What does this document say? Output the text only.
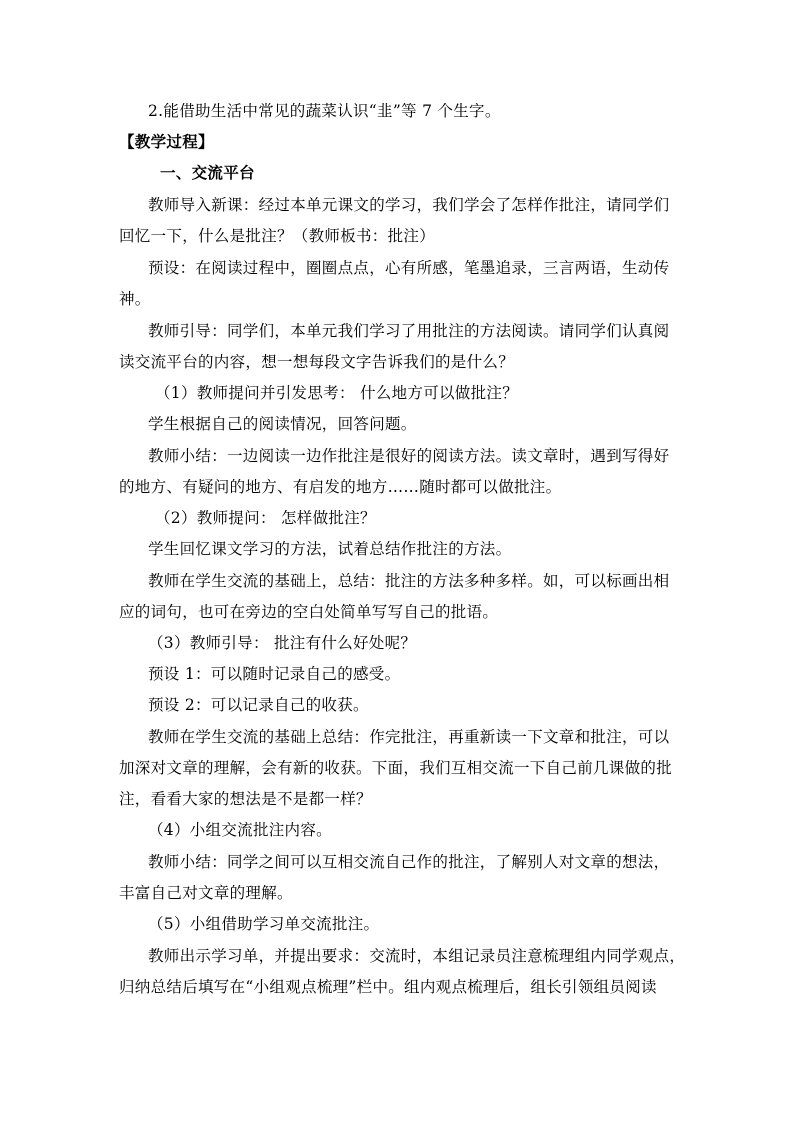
2.能借助生活中常见的蔬菜认识“韭”等 7 个生字。
【教学过程】
一、交流平台
教师导入新课：经过本单元课文的学习，我们学会了怎样作批注，请同学们
回忆一下，什么是批注？（教师板书：批注）
预设：在阅读过程中，圈圈点点，心有所感，笔墨追录，三言两语，生动传
神。
教师引导：同学们，本单元我们学习了用批注的方法阅读。请同学们认真阅
读交流平台的内容，想一想每段文字告诉我们的是什么？
（1）教师提问并引发思考： 什么地方可以做批注？
学生根据自己的阅读情况，回答问题。
教师小结：一边阅读一边作批注是很好的阅读方法。读文章时，遇到写得好
的地方、有疑问的地方、有启发的地方……随时都可以做批注。
（2）教师提问： 怎样做批注？
学生回忆课文学习的方法，试着总结作批注的方法。
教师在学生交流的基础上，总结：批注的方法多种多样。如，可以标画出相
应的词句，也可在旁边的空白处简单写写自己的批语。
（3）教师引导： 批注有什么好处呢？
预设 1：可以随时记录自己的感受。
预设 2：可以记录自己的收获。
教师在学生交流的基础上总结：作完批注，再重新读一下文章和批注，可以
加深对文章的理解，会有新的收获。下面，我们互相交流一下自己前几课做的批
注，看看大家的想法是不是都一样？
（4）小组交流批注内容。
教师小结：同学之间可以互相交流自己作的批注，了解别人对文章的想法，
丰富自己对文章的理解。
（5）小组借助学习单交流批注。
教师出示学习单，并提出要求：交流时，本组记录员注意梳理组内同学观点，
归纳总结后填写在“小组观点梳理”栏中。组内观点梳理后，组长引领组员阅读
